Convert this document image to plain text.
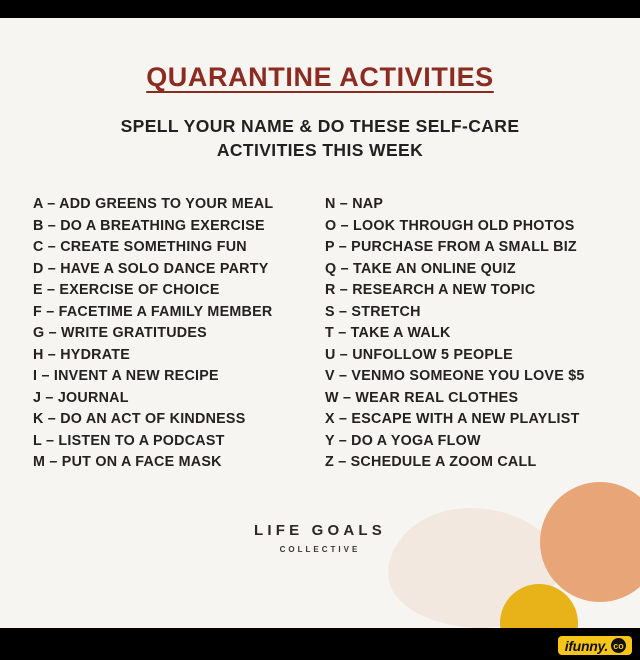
QUARANTINE ACTIVITIES
SPELL YOUR NAME & DO THESE SELF-CARE ACTIVITIES THIS WEEK
A – ADD GREENS TO YOUR MEAL
B – DO A BREATHING EXERCISE
C – CREATE SOMETHING FUN
D – HAVE A SOLO DANCE PARTY
E – EXERCISE OF CHOICE
F – FACETIME A FAMILY MEMBER
G – WRITE GRATITUDES
H – HYDRATE
I – INVENT A NEW RECIPE
J – JOURNAL
K – DO AN ACT OF KINDNESS
L – LISTEN TO A PODCAST
M – PUT ON A FACE MASK
N – NAP
O – LOOK THROUGH OLD PHOTOS
P – PURCHASE FROM A SMALL BIZ
Q – TAKE AN ONLINE QUIZ
R – RESEARCH A NEW TOPIC
S – STRETCH
T – TAKE A WALK
U – UNFOLLOW 5 PEOPLE
V – VENMO SOMEONE YOU LOVE $5
W – WEAR REAL CLOTHES
X – ESCAPE WITH A NEW PLAYLIST
Y – DO A YOGA FLOW
Z – SCHEDULE A ZOOM CALL
LIFE GOALS
COLLECTIVE
ifunny. co
